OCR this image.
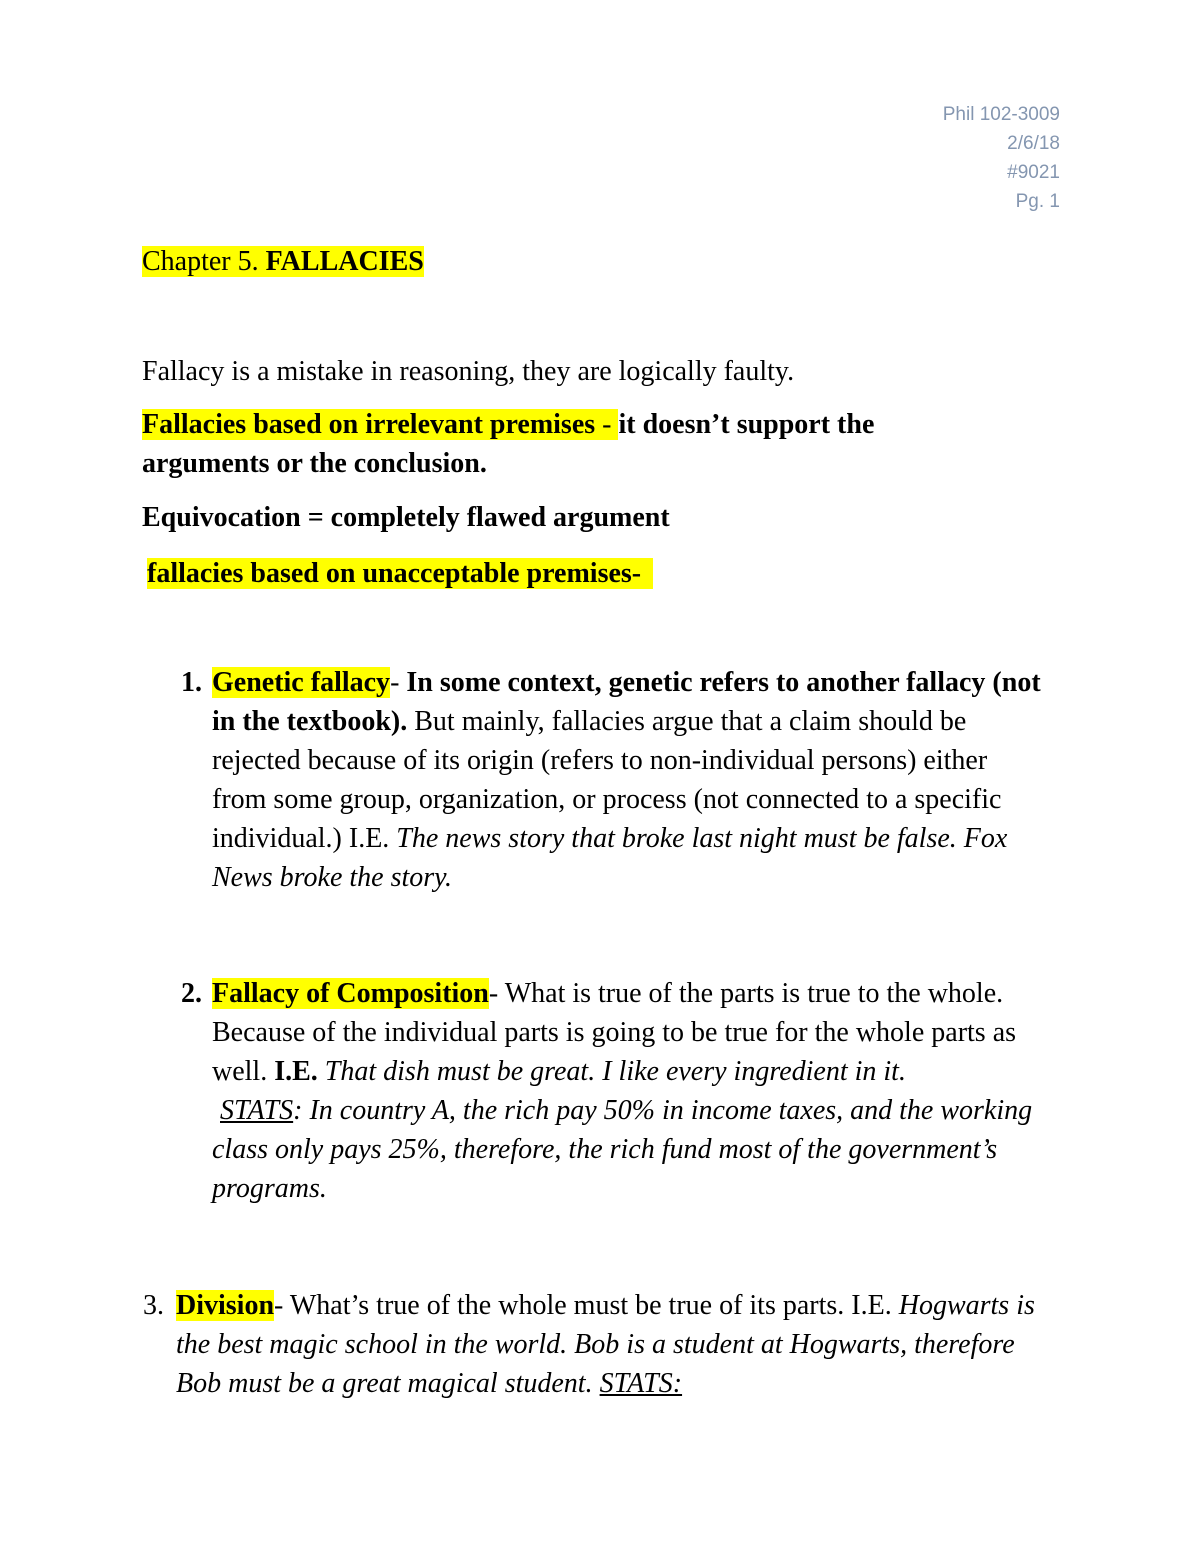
Phil 102-3009
2/6/18
#9021
Pg. 1
Chapter 5. FALLACIES
Fallacy is a mistake in reasoning, they are logically faulty.
Fallacies based on irrelevant premises - it doesn’t support the
arguments or the conclusion.
Equivocation = completely flawed argument
fallacies based on unacceptable premises-
1. Genetic fallacy- In some context, genetic refers to another fallacy (not in the textbook). But mainly, fallacies argue that a claim should be rejected because of its origin (refers to non-individual persons) either from some group, organization, or process (not connected to a specific individual.) I.E. The news story that broke last night must be false. Fox News broke the story.
2. Fallacy of Composition- What is true of the parts is true to the whole. Because of the individual parts is going to be true for the whole parts as well. I.E. That dish must be great. I like every ingredient in it.
STATS: In country A, the rich pay 50% in income taxes, and the working class only pays 25%, therefore, the rich fund most of the government’s programs.
3. Division- What’s true of the whole must be true of its parts. I.E. Hogwarts is the best magic school in the world. Bob is a student at Hogwarts, therefore Bob must be a great magical student. STATS:
